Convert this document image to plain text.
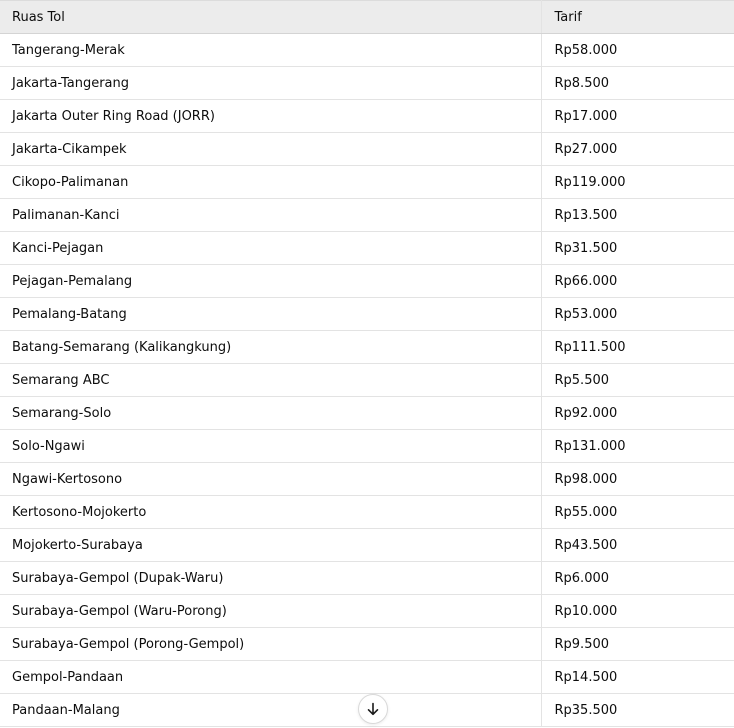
Ruas Tol	Tarif
Tangerang-Merak	Rp58.000
Jakarta-Tangerang	Rp8.500
Jakarta Outer Ring Road (JORR)	Rp17.000
Jakarta-Cikampek	Rp27.000
Cikopo-Palimanan	Rp119.000
Palimanan-Kanci	Rp13.500
Kanci-Pejagan	Rp31.500
Pejagan-Pemalang	Rp66.000
Pemalang-Batang	Rp53.000
Batang-Semarang (Kalikangkung)	Rp111.500
Semarang ABC	Rp5.500
Semarang-Solo	Rp92.000
Solo-Ngawi	Rp131.000
Ngawi-Kertosono	Rp98.000
Kertosono-Mojokerto	Rp55.000
Mojokerto-Surabaya	Rp43.500
Surabaya-Gempol (Dupak-Waru)	Rp6.000
Surabaya-Gempol (Waru-Porong)	Rp10.000
Surabaya-Gempol (Porong-Gempol)	Rp9.500
Gempol-Pandaan	Rp14.500
Pandaan-Malang	Rp35.500
